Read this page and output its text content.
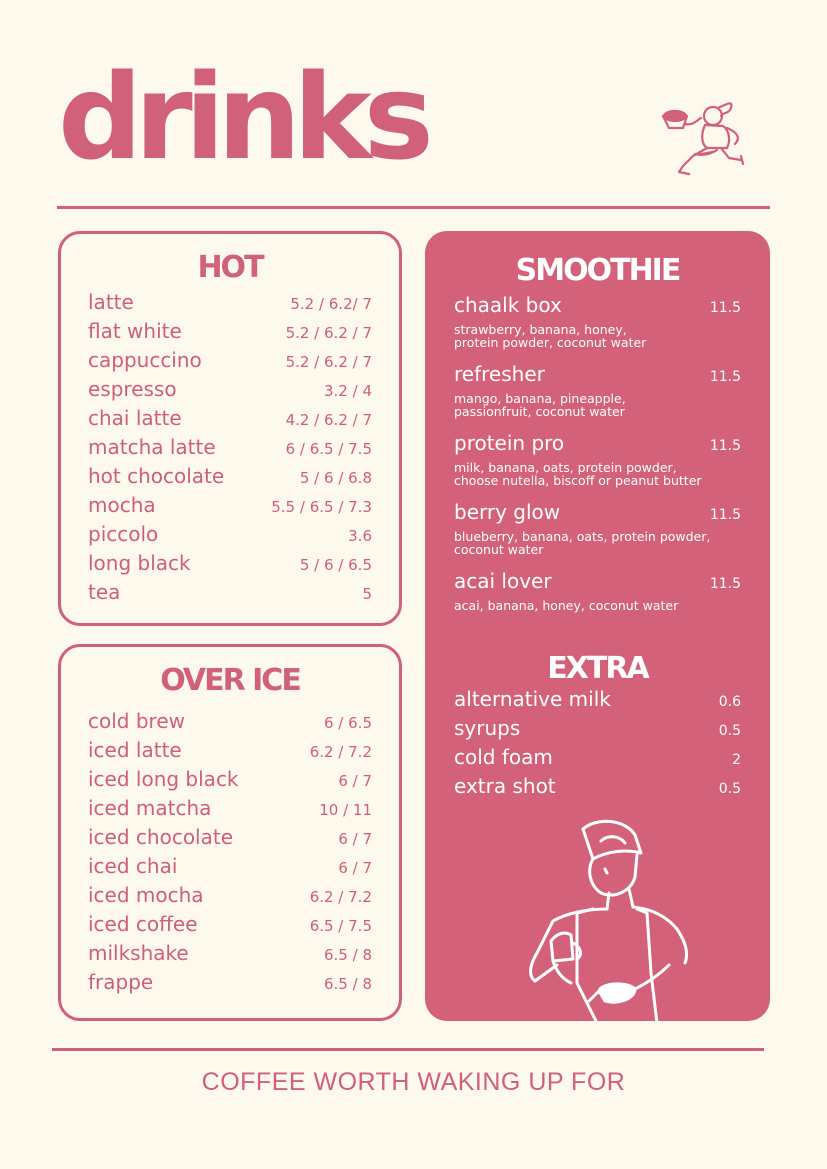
drinks
HOT
latte	5.2 / 6.2/ 7
flat white	5.2 / 6.2 / 7
cappuccino	5.2 / 6.2 / 7
espresso	3.2 / 4
chai latte	4.2 / 6.2 / 7
matcha latte	6 / 6.5 / 7.5
hot chocolate	5 / 6 / 6.8
mocha	5.5 / 6.5 / 7.3
piccolo	3.6
long black	5 / 6 / 6.5
tea	5
OVER ICE
cold brew	6 / 6.5
iced latte	6.2 / 7.2
iced long black	6 / 7
iced matcha	10 / 11
iced chocolate	6 / 7
iced chai	6 / 7
iced mocha	6.2 / 7.2
iced coffee	6.5 / 7.5
milkshake	6.5 / 8
frappe	6.5 / 8
SMOOTHIE
chaalk box	11.5
strawberry, banana, honey,
protein powder, coconut water
refresher	11.5
mango, banana, pineapple,
passionfruit, coconut water
protein pro	11.5
milk, banana, oats, protein powder,
choose nutella, biscoff or peanut butter
berry glow	11.5
blueberry, banana, oats, protein powder,
coconut water
acai lover	11.5
acai, banana, honey, coconut water
EXTRA
alternative milk	0.6
syrups	0.5
cold foam	2
extra shot	0.5
COFFEE WORTH WAKING UP FOR
